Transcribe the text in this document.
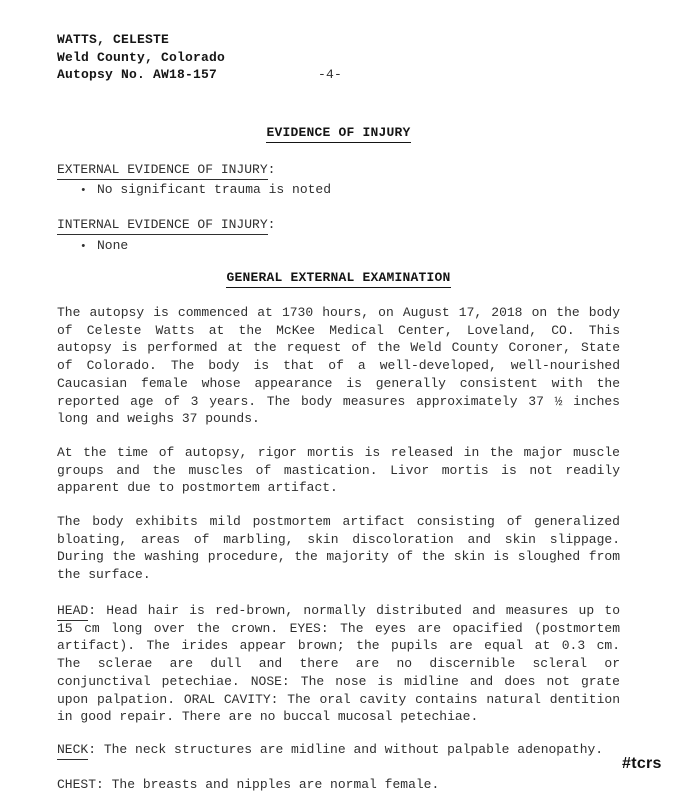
WATTS, CELESTE
Weld County, Colorado
Autopsy No. AW18-157	-4-
EVIDENCE OF INJURY
EXTERNAL EVIDENCE OF INJURY:
• No significant trauma is noted
INTERNAL EVIDENCE OF INJURY:
• None
GENERAL EXTERNAL EXAMINATION
The autopsy is commenced at 1730 hours, on August 17, 2018 on the body
of Celeste Watts at the McKee Medical Center, Loveland, CO. This
autopsy is performed at the request of the Weld County Coroner, State
of Colorado. The body is that of a well-developed, well-nourished
Caucasian female whose appearance is generally consistent with the
reported age of 3 years. The body measures approximately 37 ½ inches
long and weighs 37 pounds.
At the time of autopsy, rigor mortis is released in the major muscle
groups and the muscles of mastication. Livor mortis is not readily
apparent due to postmortem artifact.
The body exhibits mild postmortem artifact consisting of generalized
bloating, areas of marbling, skin discoloration and skin slippage.
During the washing procedure, the majority of the skin is sloughed from
the surface.
HEAD: Head hair is red-brown, normally distributed and measures up to
15 cm long over the crown. EYES: The eyes are opacified (postmortem
artifact). The irides appear brown; the pupils are equal at 0.3 cm.
The sclerae are dull and there are no discernible scleral or
conjunctival petechiae. NOSE: The nose is midline and does not grate
upon palpation. ORAL CAVITY: The oral cavity contains natural dentition
in good repair. There are no buccal mucosal petechiae.
NECK: The neck structures are midline and without palpable adenopathy.
CHEST: The breasts and nipples are normal female.
#tcrs
